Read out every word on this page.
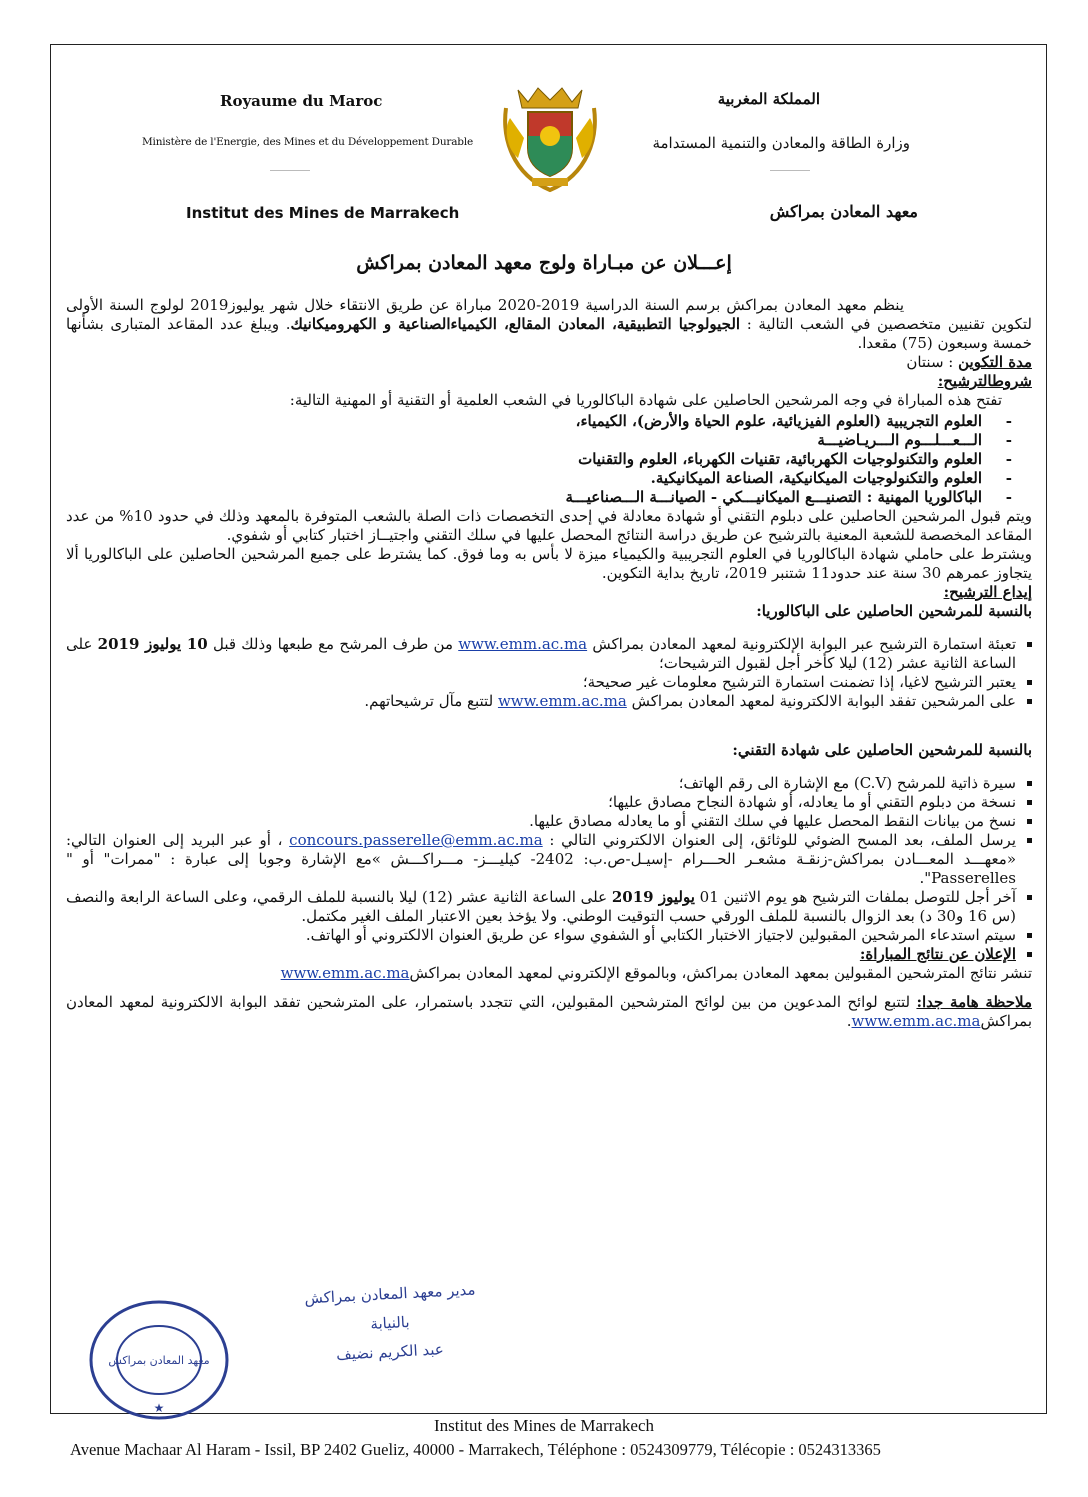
Royaume du Maroc
Ministère de l'Energie, des Mines et du Développement Durable
المملكة المغربية
وزارة الطاقة والمعادن والتنمية المستدامة
Institut des Mines de Marrakech	معهد المعادن بمراكش
إعـــلان عن مبـاراة ولوج معهد المعادن بمراكش

ينظم معهد المعادن بمراكش برسم السنة الدراسية 2019-2020 مباراة عن طريق الانتقاء خلال شهر يوليوز2019 لولوج السنة الأولى لتكوين تقنيين متخصصين في الشعب التالية : الجيولوجيا التطبيقية، المعادن المقالع، الكيمياءالصناعية و الكهروميكانيك. ويبلغ عدد المقاعد المتبارى بشأنها خمسة وسبعون (75) مقعدا.

مدة التكوين : سنتان

شروطالترشيح:

تفتح هذه المباراة في وجه المرشحين الحاصلين على شهادة الباكالوريا في الشعب العلمية أو التقنية أو المهنية التالية:

- العلوم التجريبية (العلوم الفيزيائية، علوم الحياة والأرض)، الكيمياء،
- الـــعـــلـــوم الـــريـاضيـــة
- العلوم والتكنولوجيات الكهربائية، تقنيات الكهرباء، العلوم والتقنيات
- العلوم والتكنولوجيات الميكانيكية، الصناعة الميكانيكية.
- الباكالوريا المهنية : التصنيـــع الميكانيـــكي - الصيانـــة الـــصناعيـــة

ويتم قبول المرشحين الحاصلين على دبلوم التقني أو شهادة معادلة في إحدى التخصصات ذات الصلة بالشعب المتوفرة بالمعهد وذلك في حدود 10% من عدد المقاعد المخصصة للشعبة المعنية بالترشيح عن طريق دراسة النتائج المحصل عليها في سلك التقني واجتيــاز اختبار كتابي أو شفوي.

ويشترط على حاملي شهادة الباكالوريا في العلوم التجريبية والكيمياء ميزة لا بأس به وما فوق. كما يشترط على جميع المرشحين الحاصلين على الباكالوريا ألا يتجاوز عمرهم 30 سنة عند حدود11 شتنبر 2019، تاريخ بداية التكوين.

إيداع الترشيح:

بالنسبة للمرشحين الحاصلين على الباكالوريا:

تعبئة استمارة الترشيح عبر البوابة الإلكترونية لمعهد المعادن بمراكش www.emm.ac.ma من طرف المرشح مع طبعها وذلك قبل 10 يوليوز 2019 على الساعة الثانية عشر (12) ليلا كأخر أجل لقبول الترشيحات؛
يعتبر الترشيح لاغيا، إذا تضمنت استمارة الترشيح معلومات غير صحيحة؛
على المرشحين تفقد البوابة الالكترونية لمعهد المعادن بمراكش www.emm.ac.ma لتتبع مآل ترشيحاتهم.

بالنسبة للمرشحين الحاصلين على شهادة التقني:

سيرة ذاتية للمرشح (C.V) مع الإشارة الى رقم الهاتف؛
نسخة من دبلوم التقني أو ما يعادله، أو شهادة النجاح مصادق عليها؛
نسخ من بيانات النقط المحصل عليها في سلك التقني أو ما يعادله مصادق عليها.
يرسل الملف، بعد المسح الضوئي للوثائق، إلى العنوان الالكتروني التالي : concours.passerelle@emm.ac.ma ، أو عبر البريد إلى العنوان التالي: «معهـــد المعـــادن بمراكش-زنقـة مشعـر الحـــرام -إسيـل-ص.ب: 2402- كيليـــز- مـــراكـــش »مع الإشارة وجوبا إلى عبارة : "ممرات" أو " Passerelles".
آخر أجل للتوصل بملفات الترشيح هو يوم الاثنين 01 يوليوز 2019 على الساعة الثانية عشر (12) ليلا بالنسبة للملف الرقمي، وعلى الساعة الرابعة والنصف (س 16 و30 د) بعد الزوال بالنسبة للملف الورقي حسب التوقيت الوطني. ولا يؤخذ بعين الاعتبار الملف الغير مكتمل.
سيتم استدعاء المرشحين المقبولين لاجتياز الاختبار الكتابي أو الشفوي سواء عن طريق العنوان الالكتروني أو الهاتف.
الإعلان عن نتائج المباراة:

تنشر نتائج المترشحين المقبولين بمعهد المعادن بمراكش، وبالموقع الإلكتروني لمعهد المعادن بمراكشwww.emm.ac.ma

ملاحظة هامة جدا: لتتبع لوائح المدعوين من بين لوائح المترشحين المقبولين، التي تتجدد باستمرار، على المترشحين تفقد البوابة الالكترونية لمعهد المعادن بمراكشwww.emm.ac.ma.

معهد المعادن بمراكش
★
مدير معهد المعادن بمراكش
بالنيابة
عبد الكريم نضيف
Institut des Mines de Marrakech
Avenue Machaar Al Haram - Issil, BP 2402 Gueliz, 40000 - Marrakech, Téléphone : 0524309779, Télécopie : 0524313365
